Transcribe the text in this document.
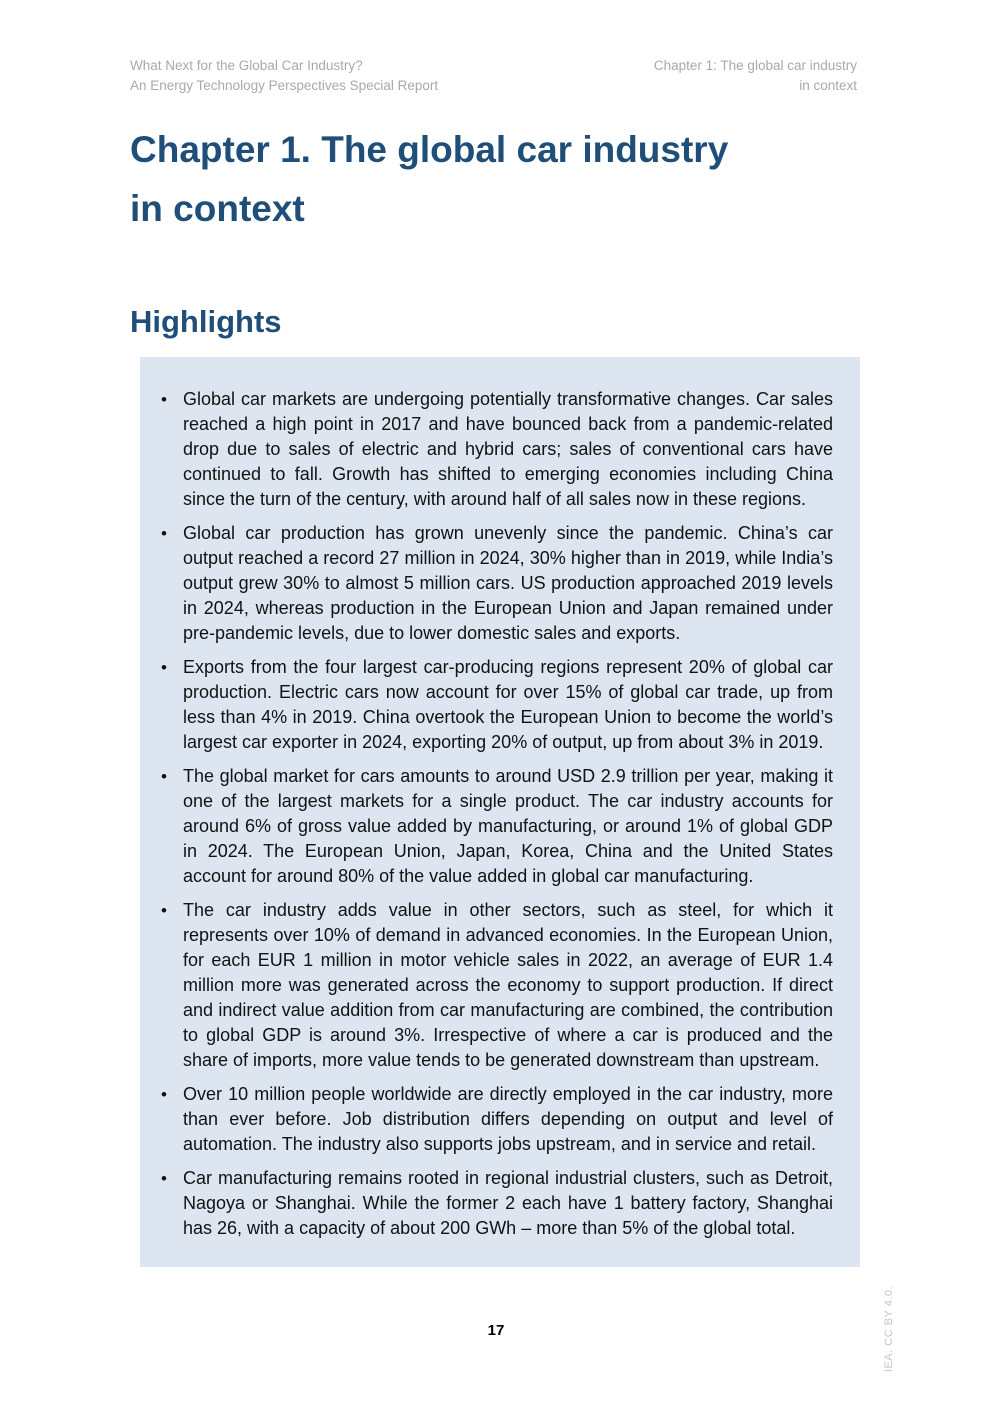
What Next for the Global Car Industry?
An Energy Technology Perspectives Special Report
Chapter 1: The global car industry
in context
Chapter 1. The global car industry
in context
Highlights
• Global car markets are undergoing potentially transformative changes. Car sales reached a high point in 2017 and have bounced back from a pandemic-related drop due to sales of electric and hybrid cars; sales of conventional cars have continued to fall. Growth has shifted to emerging economies including China since the turn of the century, with around half of all sales now in these regions.
• Global car production has grown unevenly since the pandemic. China’s car output reached a record 27 million in 2024, 30% higher than in 2019, while India’s output grew 30% to almost 5 million cars. US production approached 2019 levels in 2024, whereas production in the European Union and Japan remained under pre-pandemic levels, due to lower domestic sales and exports.
• Exports from the four largest car-producing regions represent 20% of global car production. Electric cars now account for over 15% of global car trade, up from less than 4% in 2019. China overtook the European Union to become the world’s largest car exporter in 2024, exporting 20% of output, up from about 3% in 2019.
• The global market for cars amounts to around USD 2.9 trillion per year, making it one of the largest markets for a single product. The car industry accounts for around 6% of gross value added by manufacturing, or around 1% of global GDP in 2024. The European Union, Japan, Korea, China and the United States account for around 80% of the value added in global car manufacturing.
• The car industry adds value in other sectors, such as steel, for which it represents over 10% of demand in advanced economies. In the European Union, for each EUR 1 million in motor vehicle sales in 2022, an average of EUR 1.4 million more was generated across the economy to support production. If direct and indirect value addition from car manufacturing are combined, the contribution to global GDP is around 3%. Irrespective of where a car is produced and the share of imports, more value tends to be generated downstream than upstream.
• Over 10 million people worldwide are directly employed in the car industry, more than ever before. Job distribution differs depending on output and level of automation. The industry also supports jobs upstream, and in service and retail.
• Car manufacturing remains rooted in regional industrial clusters, such as Detroit, Nagoya or Shanghai. While the former 2 each have 1 battery factory, Shanghai has 26, with a capacity of about 200 GWh – more than 5% of the global total.
17	IEA. CC BY 4.0.
